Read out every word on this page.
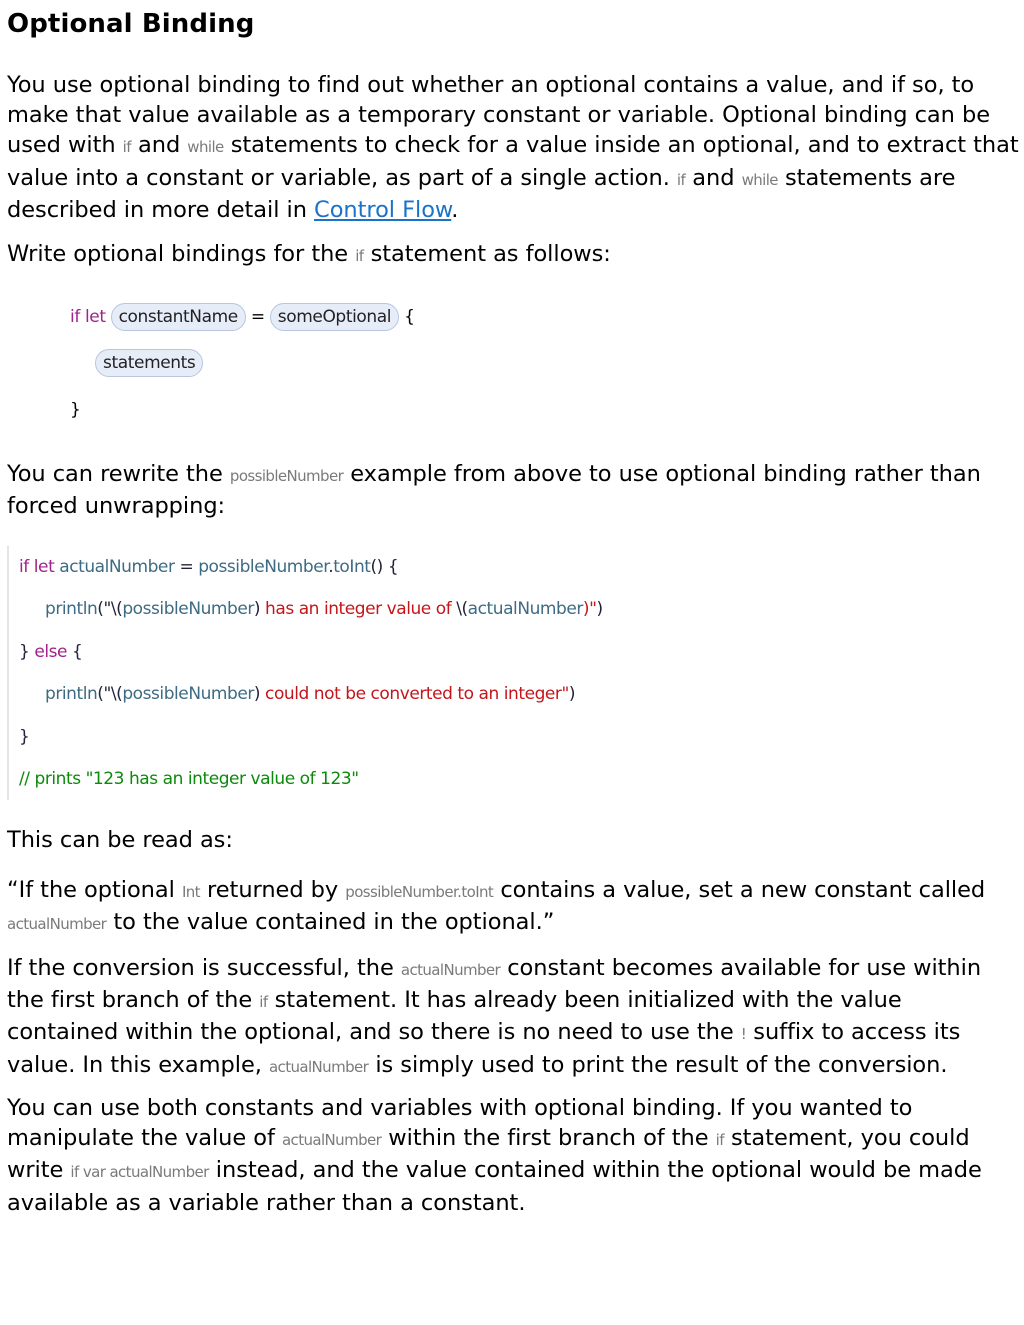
Optional Binding

You use optional binding to find out whether an optional contains a value, and if so, to make that value available as a temporary constant or variable. Optional binding can be used with if and while statements to check for a value inside an optional, and to extract that value into a constant or variable, as part of a single action. if and while statements are described in more detail in Control Flow.

Write optional bindings for the if statement as follows:

You can rewrite the possibleNumber example from above to use optional binding rather than forced unwrapping:

This can be read as:

“If the optional Int returned by possibleNumber.toInt contains a value, set a new constant called actualNumber to the value contained in the optional.”

If the conversion is successful, the actualNumber constant becomes available for use within the first branch of the if statement. It has already been initialized with the value contained within the optional, and so there is no need to use the ! suffix to access its value. In this example, actualNumber is simply used to print the result of the conversion.

You can use both constants and variables with optional binding. If you wanted to manipulate the value of actualNumber within the first branch of the if statement, you could write if var actualNumber instead, and the value contained within the optional would be made available as a variable rather than a constant.

if let constantName = someOptional {
statements
}
if let actualNumber = possibleNumber.toInt() {
println("\(possibleNumber) has an integer value of \(actualNumber)")
} else {
println("\(possibleNumber) could not be converted to an integer")
}
// prints "123 has an integer value of 123"
